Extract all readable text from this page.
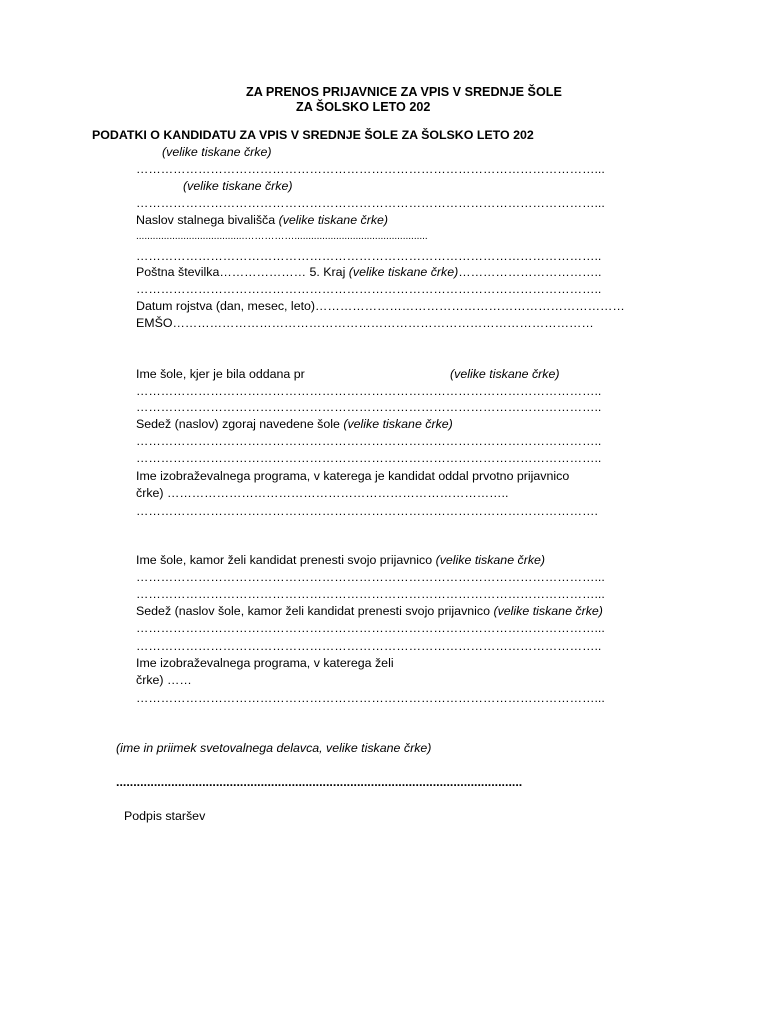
ZA PRENOS PRIJAVNICE ZA VPIS V SREDNJE ŠOLE
ZA ŠOLSKO LETO 202
PODATKI O KANDIDATU ZA VPIS V SREDNJE ŠOLE ZA ŠOLSKO LETO 202
(velike tiskane črke)
…………………………………………………………………………………………………...
(velike tiskane črke)
…………………………………………………………………………………………………...
Naslov stalnega bivališča (velike tiskane črke)
.......................................……………................................................
…………………………………………………………………………………………………..
Poštna številka………………… 5. Kraj (velike tiskane črke)……………………………..
…………………………………………………………………………………………………..
Datum rojstva (dan, mesec, leto)…………………………………………………………………
EMŠO…………………………………………………………………………………………
Ime šole, kjer je bila oddana pr	(velike tiskane črke)
…………………………………………………………………………………………………..
…………………………………………………………………………………………………..
Sedež (naslov) zgoraj navedene šole (velike tiskane črke)
…………………………………………………………………………………………………..
…………………………………………………………………………………………………..
Ime izobraževalnega programa, v katerega je kandidat oddal prvotno prijavnico
črke) ………………………………………………………………………..
………………………………………………………………………………………………….
Ime šole, kamor želi kandidat prenesti svojo prijavnico (velike tiskane črke)
…………………………………………………………………………………………………...
…………………………………………………………………………………………………...
Sedež (naslov šole, kamor želi kandidat prenesti svojo prijavnico (velike tiskane črke)
…………………………………………………………………………………………………...
…………………………………………………………………………………………………..
Ime izobraževalnega programa, v katerega želi
črke) ……
…………………………………………………………………………………………………...
(ime in priimek svetovalnega delavca, velike tiskane črke)
......................................................................................................................
Podpis staršev
